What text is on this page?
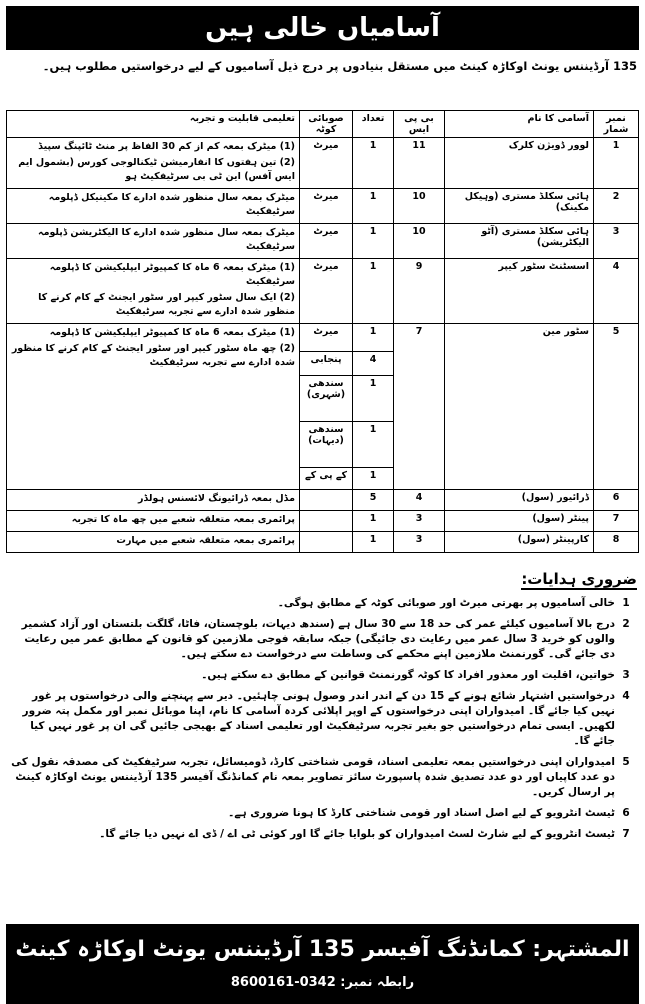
آسامیاں خالی ہیں
135 آرڈیننس یونٹ اوکاڑہ کینٹ میں مستقل بنیادوں پر درج ذیل آسامیوں کے لیے درخواستیں مطلوب ہیں۔
نمبر شمار	آسامی کا نام	بی پی ایس	تعداد	صوبائی کوٹہ	تعلیمی قابلیت و تجربہ
1	لوور ڈویژن کلرک	11	1	میرٹ	(1) میٹرک بمعہ کم از کم 30 الفاظ پر منٹ ٹائپنگ سپیڈ
(2) تین ہفتوں کا انفارمیشن ٹیکنالوجی کورس (بشمول ایم ایس آفس) این ٹی بی سرٹیفکیٹ ہو

2	ہائی سکلڈ مستری (وہیکل مکینک)	10	1	میرٹ	میٹرک بمعہ سال منظور شدہ ادارے کا مکینیکل ڈپلومہ سرٹیفکیٹ

3	ہائی سکلڈ مستری (آٹو الیکٹریشن)	10	1	میرٹ	میٹرک بمعہ سال منظور شدہ ادارے کا الیکٹریشن ڈپلومہ سرٹیفکیٹ

4	اسسٹنٹ سٹور کیپر	9	1	میرٹ	(1) میٹرک بمعہ 6 ماہ کا کمپیوٹر ایپلیکیشن کا ڈپلومہ سرٹیفکیٹ
(2) ایک سال سٹور کیپر اور سٹور ایجنٹ کے کام کرنے کا منظور شدہ ادارے سے تجربہ سرٹیفکیٹ

5	سٹور مین	7	1	میرٹ	(1) میٹرک بمعہ 6 ماہ کا کمپیوٹر ایپلیکیشن کا ڈپلومہ
(2) چھ ماہ سٹور کیپر اور سٹور ایجنٹ کے کام کرنے کا منظور شدہ ادارے سے تجربہ سرٹیفکیٹ

			4	پنجابی	
			1	سندھی (شہری)	
			1	سندھی (دیہات)	
			1	کے پی کے	
6	ڈرائیور (سول)	4	5		مڈل بمعہ ڈرائیونگ لائسنس ہولڈر

7	پینٹر (سول)	3	1		پرائمری بمعہ متعلقہ شعبے میں چھ ماہ کا تجربہ

8	کارپینٹر (سول)	3	1		پرائمری بمعہ متعلقہ شعبے میں مہارت
ضروری ہدایات:
1
خالی آسامیوں پر بھرتی میرٹ اور صوبائی کوٹہ کے مطابق ہوگی۔
2
درج بالا آسامیوں کیلئے عمر کی حد 18 سے 30 سال ہے (سندھ دیہات، بلوچستان، فاٹا، گلگت بلتستان اور آزاد کشمیر والوں کو خرید 3 سال عمر میں رعایت دی جائیگی) جبکہ سابقہ فوجی ملازمین کو قانون کے مطابق عمر میں رعایت دی جائے گی۔ گورنمنٹ ملازمین اپنے محکمے کی وساطت سے درخواست دے سکتے ہیں۔
3
خواتین، اقلیت اور معذور افراد کا کوٹہ گورنمنٹ قوانین کے مطابق دے سکتے ہیں۔
4
درخواستیں اشتہار شائع ہونے کے 15 دن کے اندر اندر وصول ہونی چاہئیں۔ دیر سے پہنچنے والی درخواستوں پر غور نہیں کیا جائے گا۔ امیدواران اپنی درخواستوں کے اوپر اپلائی کردہ آسامی کا نام، اپنا موبائل نمبر اور مکمل پتہ ضرور لکھیں۔ ایسی تمام درخواستیں جو بغیر تجربہ سرٹیفکیٹ اور تعلیمی اسناد کے بھیجی جائیں گی ان پر غور نہیں کیا جائے گا۔
5
امیدواران اپنی درخواستیں بمعہ تعلیمی اسناد، قومی شناختی کارڈ، ڈومیسائل، تجربہ سرٹیفکیٹ کی مصدقہ نقول کی دو عدد کاپیاں اور دو عدد تصدیق شدہ پاسپورٹ سائز تصاویر بمعہ نام کمانڈنگ آفیسر 135 آرڈیننس یونٹ اوکاڑہ کینٹ پر ارسال کریں۔
6
ٹیسٹ انٹرویو کے لیے اصل اسناد اور قومی شناختی کارڈ کا ہونا ضروری ہے۔
7
ٹیسٹ انٹرویو کے لیے شارٹ لسٹ امیدواران کو بلوایا جائے گا اور کوئی ٹی اے / ڈی اے نہیں دیا جائے گا۔
المشتہر: کمانڈنگ آفیسر 135 آرڈیننس یونٹ اوکاڑہ کینٹ
رابطہ نمبر: 0342-8600161
